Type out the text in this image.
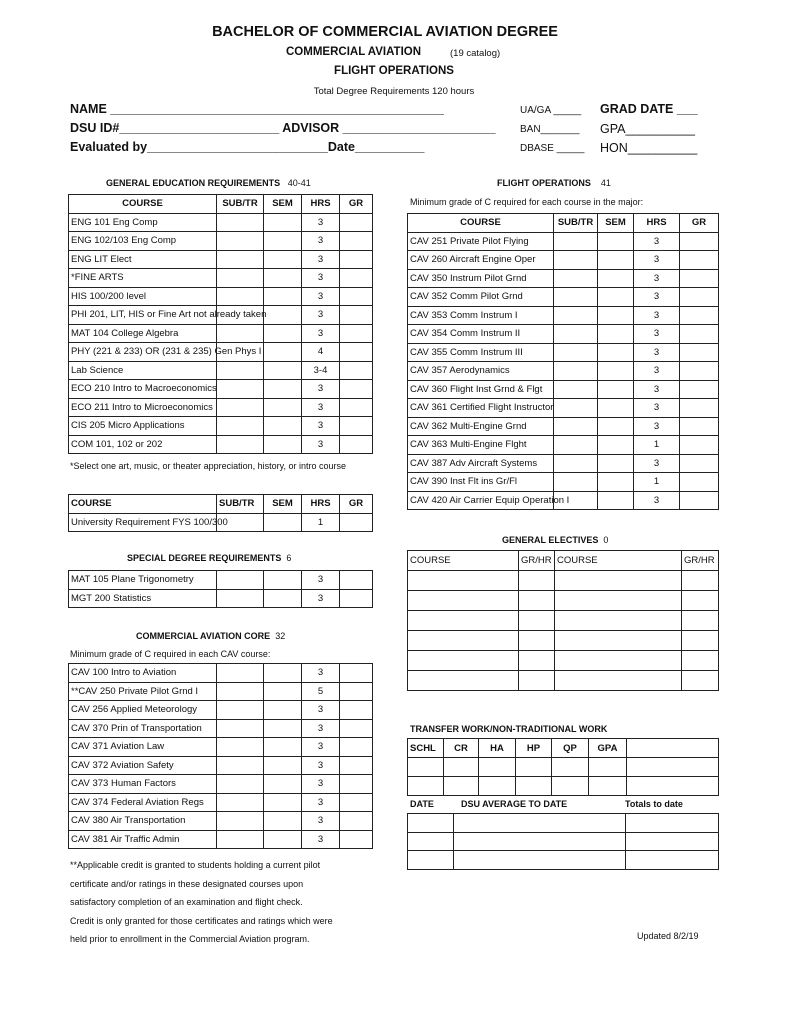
BACHELOR OF COMMERCIAL AVIATION DEGREE
COMMERCIAL AVIATION	(19 catalog)
FLIGHT OPERATIONS
Total Degree Requirements 120 hours
NAME ________________________________________________
DSU ID#_______________________ ADVISOR ______________________
Evaluated by__________________________Date__________
UA/GA _____
BAN_______
DBASE _____
GRAD DATE ___
GPA__________
HON__________
GENERAL EDUCATION REQUIREMENTS 40-41
COURSE	SUB/TR	SEM	HRS	GR
ENG 101 Eng Comp			3	
ENG 102/103 Eng Comp			3	
ENG LIT Elect			3	
*FINE ARTS			3	
HIS 100/200 level			3	
PHI 201, LIT, HIS or Fine Art not already taken			3	
MAT 104 College Algebra			3	
PHY (221 & 233) OR (231 & 235) Gen Phys I			4	
Lab Science			3-4	
ECO 210 Intro to Macroeconomics			3	
ECO 211 Intro to Microeconomics			3	
CIS 205 Micro Applications			3	
COM 101, 102 or 202			3	
*Select one art, music, or theater appreciation, history, or intro course
COURSE	SUB/TR	SEM	HRS	GR
University Requirement FYS 100/300			1	
SPECIAL DEGREE REQUIREMENTS 6
MAT 105 Plane Trigonometry			3	
MGT 200 Statistics			3	
COMMERCIAL AVIATION CORE 32
Minimum grade of C required in each CAV course:
CAV 100 Intro to Aviation			3	
**CAV 250 Private Pilot Grnd I			5	
CAV 256 Applied Meteorology			3	
CAV 370 Prin of Transportation			3	
CAV 371 Aviation Law			3	
CAV 372 Aviation Safety			3	
CAV 373 Human Factors			3	
CAV 374 Federal Aviation Regs			3	
CAV 380 Air Transportation			3	
CAV 381 Air Traffic Admin			3	
**Applicable credit is granted to students holding a current pilot
certificate and/or ratings in these designated courses upon
satisfactory completion of an examination and flight check.
Credit is only granted for those certificates and ratings which were
held prior to enrollment in the Commercial Aviation program.
FLIGHT OPERATIONS 41
Minimum grade of C required for each course in the major:
COURSE	SUB/TR	SEM	HRS	GR
CAV 251 Private Pilot Flying			3	
CAV 260 Aircraft Engine Oper			3	
CAV 350 Instrum Pilot Grnd			3	
CAV 352 Comm Pilot Grnd			3	
CAV 353 Comm Instrum I			3	
CAV 354 Comm Instrum II			3	
CAV 355 Comm Instrum III			3	
CAV 357 Aerodynamics			3	
CAV 360 Flight Inst Grnd & Flgt			3	
CAV 361 Certified Flight Instructor			3	
CAV 362 Multi-Engine Grnd			3	
CAV 363 Multi-Engine Flght			1	
CAV 387 Adv Aircraft Systems			3	
CAV 390 Inst Flt ins Gr/Fl			1	
CAV 420 Air Carrier Equip Operation I			3	
GENERAL ELECTIVES 0
COURSE	GR/HR	COURSE	GR/HR

TRANSFER WORK/NON-TRADITIONAL WORK
SCHL	CR	HA	HP	QP	GPA	

DATE	DSU AVERAGE TO DATE	Totals to date

Updated 8/2/19
